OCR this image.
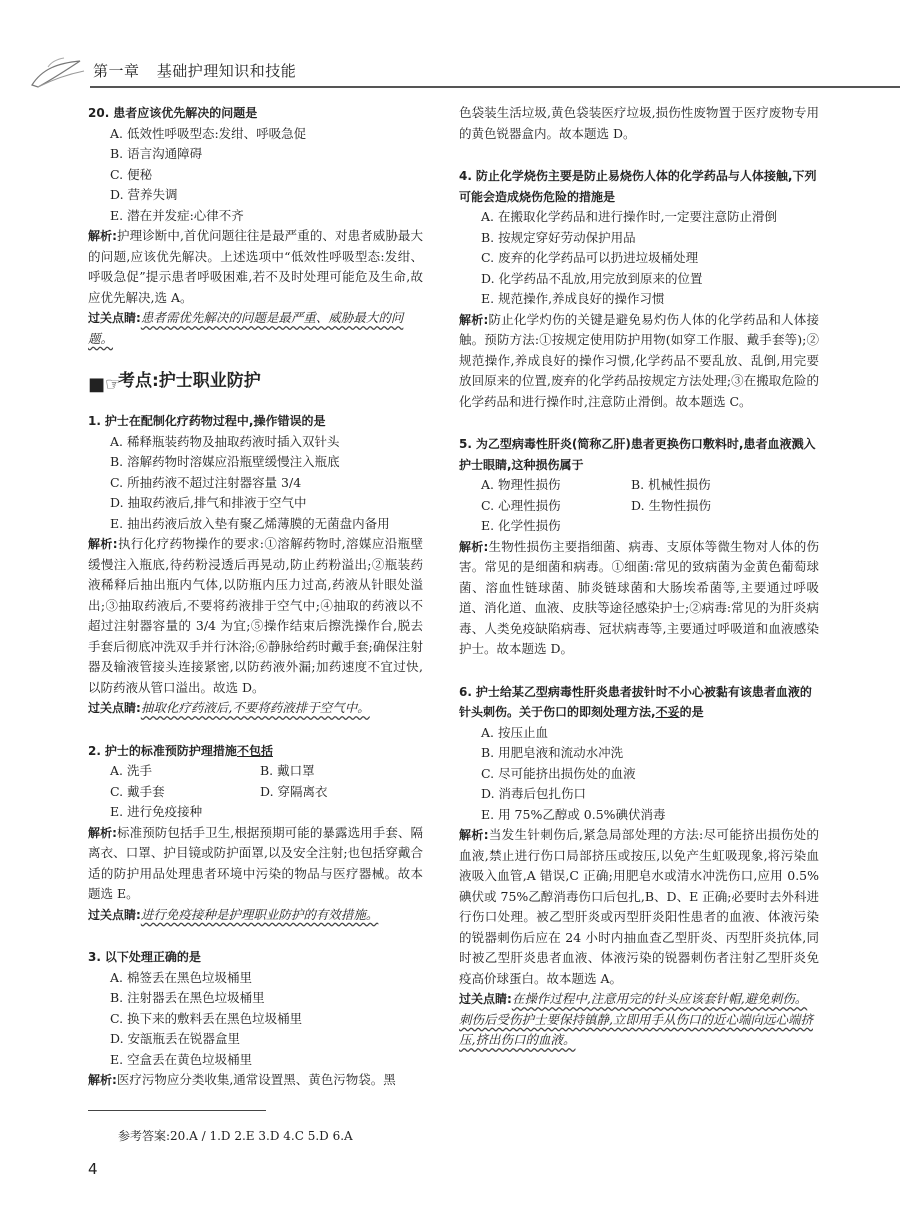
第一章 基础护理知识和技能
20. 患者应该优先解决的问题是
A. 低效性呼吸型态:发绀、呼吸急促
B. 语言沟通障碍
C. 便秘
D. 营养失调
E. 潜在并发症:心律不齐
解析:护理诊断中,首优问题往往是最严重的、对患者威胁最大的问题,应该优先解决。上述选项中“低效性呼吸型态:发绀、呼吸急促”提示患者呼吸困难,若不及时处理可能危及生命,故应优先解决,选 A。
过关点睛:患者需优先解决的问题是最严重、威胁最大的问题。
■☞
考点:护士职业防护
1. 护士在配制化疗药物过程中,操作错误的是
A. 稀释瓶装药物及抽取药液时插入双针头
B. 溶解药物时溶媒应沿瓶壁缓慢注入瓶底
C. 所抽药液不超过注射器容量 3/4
D. 抽取药液后,排气和排液于空气中
E. 抽出药液后放入垫有聚乙烯薄膜的无菌盘内备用
解析:执行化疗药物操作的要求:①溶解药物时,溶媒应沿瓶壁缓慢注入瓶底,待药粉浸透后再晃动,防止药粉溢出;②瓶装药液稀释后抽出瓶内气体,以防瓶内压力过高,药液从针眼处溢出;③抽取药液后,不要将药液排于空气中;④抽取的药液以不超过注射器容量的 3/4 为宜;⑤操作结束后擦洗操作台,脱去手套后彻底冲洗双手并行沐浴;⑥静脉给药时戴手套;确保注射器及输液管接头连接紧密,以防药液外漏;加药速度不宜过快,以防药液从管口溢出。故选 D。
过关点睛:抽取化疗药液后,不要将药液排于空气中。
2. 护士的标准预防护理措施不包括
A. 洗手	B. 戴口罩
C. 戴手套	D. 穿隔离衣
E. 进行免疫接种
解析:标准预防包括手卫生,根据预期可能的暴露选用手套、隔离衣、口罩、护目镜或防护面罩,以及安全注射;也包括穿戴合适的防护用品处理患者环境中污染的物品与医疗器械。故本题选 E。
过关点睛:进行免疫接种是护理职业防护的有效措施。
3. 以下处理正确的是
A. 棉签丢在黑色垃圾桶里
B. 注射器丢在黑色垃圾桶里
C. 换下来的敷料丢在黑色垃圾桶里
D. 安瓿瓶丢在锐器盒里
E. 空盒丢在黄色垃圾桶里
解析:医疗污物应分类收集,通常设置黑、黄色污物袋。黑
色袋装生活垃圾,黄色袋装医疗垃圾,损伤性废物置于医疗废物专用的黄色锐器盒内。故本题选 D。
4. 防止化学烧伤主要是防止易烧伤人体的化学药品与人体接触,下列可能会造成烧伤危险的措施是
A. 在搬取化学药品和进行操作时,一定要注意防止滑倒
B. 按规定穿好劳动保护用品
C. 废弃的化学药品可以扔进垃圾桶处理
D. 化学药品不乱放,用完放到原来的位置
E. 规范操作,养成良好的操作习惯
解析:防止化学灼伤的关键是避免易灼伤人体的化学药品和人体接触。预防方法:①按规定使用防护用物(如穿工作服、戴手套等);②规范操作,养成良好的操作习惯,化学药品不要乱放、乱倒,用完要放回原来的位置,废弃的化学药品按规定方法处理;③在搬取危险的化学药品和进行操作时,注意防止滑倒。故本题选 C。
5. 为乙型病毒性肝炎(简称乙肝)患者更换伤口敷料时,患者血液溅入护士眼睛,这种损伤属于
A. 物理性损伤	B. 机械性损伤
C. 心理性损伤	D. 生物性损伤
E. 化学性损伤
解析:生物性损伤主要指细菌、病毒、支原体等微生物对人体的伤害。常见的是细菌和病毒。①细菌:常见的致病菌为金黄色葡萄球菌、溶血性链球菌、肺炎链球菌和大肠埃希菌等,主要通过呼吸道、消化道、血液、皮肤等途径感染护士;②病毒:常见的为肝炎病毒、人类免疫缺陷病毒、冠状病毒等,主要通过呼吸道和血液感染护士。故本题选 D。
6. 护士给某乙型病毒性肝炎患者拔针时不小心被黏有该患者血液的针头刺伤。关于伤口的即刻处理方法,不妥的是
A. 按压止血
B. 用肥皂液和流动水冲洗
C. 尽可能挤出损伤处的血液
D. 消毒后包扎伤口
E. 用 75%乙醇或 0.5%碘伏消毒
解析:当发生针刺伤后,紧急局部处理的方法:尽可能挤出损伤处的血液,禁止进行伤口局部挤压或按压,以免产生虹吸现象,将污染血液吸入血管,A 错误,C 正确;用肥皂水或清水冲洗伤口,应用 0.5%碘伏或 75%乙醇消毒伤口后包扎,B、D、E 正确;必要时去外科进行伤口处理。被乙型肝炎或丙型肝炎阳性患者的血液、体液污染的锐器刺伤后应在 24 小时内抽血查乙型肝炎、丙型肝炎抗体,同时被乙型肝炎患者血液、体液污染的锐器刺伤者注射乙型肝炎免疫高价球蛋白。故本题选 A。
过关点睛:在操作过程中,注意用完的针头应该套针帽,避免刺伤。刺伤后受伤护士要保持镇静,立即用手从伤口的近心端向远心端挤压,挤出伤口的血液。
参考答案:20.A / 1.D 2.E 3.D 4.C 5.D 6.A
4
